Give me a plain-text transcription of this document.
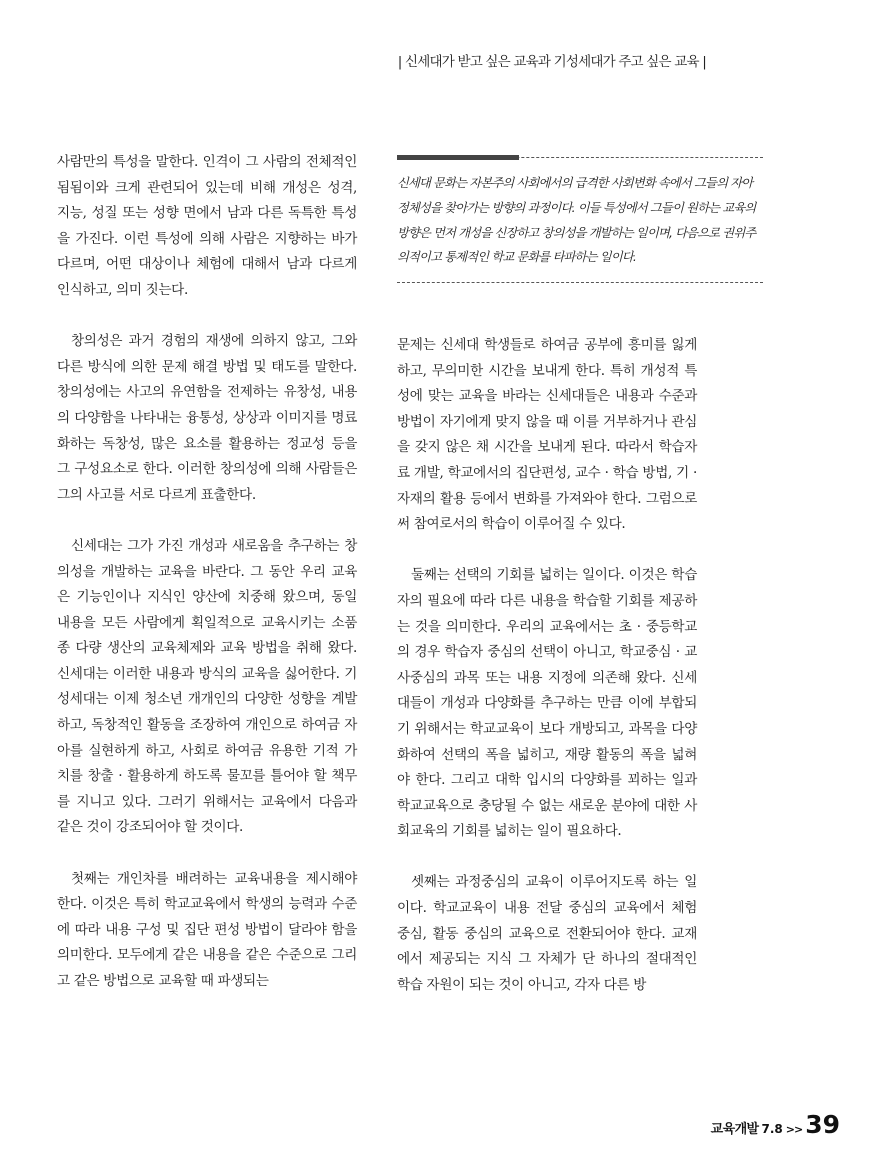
| 신세대가 받고 싶은 교육과 기성세대가 주고 싶은 교육 |

사람만의 특성을 말한다. 인격이 그 사람의 전체적인 됨됨이와 크게 관련되어 있는데 비해 개성은 성격, 지능, 성질 또는 성향 면에서 남과 다른 독특한 특성을 가진다. 이런 특성에 의해 사람은 지향하는 바가 다르며, 어떤 대상이나 체험에 대해서 남과 다르게 인식하고, 의미 짓는다.

창의성은 과거 경험의 재생에 의하지 않고, 그와 다른 방식에 의한 문제 해결 방법 및 태도를 말한다. 창의성에는 사고의 유연함을 전제하는 유창성, 내용의 다양함을 나타내는 융통성, 상상과 이미지를 명료화하는 독창성, 많은 요소를 활용하는 정교성 등을 그 구성요소로 한다. 이러한 창의성에 의해 사람들은 그의 사고를 서로 다르게 표출한다.

신세대는 그가 가진 개성과 새로움을 추구하는 창의성을 개발하는 교육을 바란다. 그 동안 우리 교육은 기능인이나 지식인 양산에 치중해 왔으며, 동일 내용을 모든 사람에게 획일적으로 교육시키는 소품종 다량 생산의 교육체제와 교육 방법을 취해 왔다. 신세대는 이러한 내용과 방식의 교육을 싫어한다. 기성세대는 이제 청소년 개개인의 다양한 성향을 계발하고, 독창적인 활동을 조장하여 개인으로 하여금 자아를 실현하게 하고, 사회로 하여금 유용한 기적 가치를 창출 · 활용하게 하도록 물꼬를 틀어야 할 책무를 지니고 있다. 그러기 위해서는 교육에서 다음과 같은 것이 강조되어야 할 것이다.

첫째는 개인차를 배려하는 교육내용을 제시해야 한다. 이것은 특히 학교교육에서 학생의 능력과 수준에 따라 내용 구성 및 집단 편성 방법이 달라야 함을 의미한다. 모두에게 같은 내용을 같은 수준으로 그리고 같은 방법으로 교육할 때 파생되는

신세대 문화는 자본주의 사회에서의 급격한 사회변화 속에서 그들의 자아정체성을 찾아가는 방향의 과정이다. 이들 특성에서 그들이 원하는 교육의 방향은 먼저 개성을 신장하고 창의성을 개발하는 일이며, 다음으로 권위주의적이고 통제적인 학교 문화를 타파하는 일이다.

문제는 신세대 학생들로 하여금 공부에 흥미를 잃게 하고, 무의미한 시간을 보내게 한다. 특히 개성적 특성에 맞는 교육을 바라는 신세대들은 내용과 수준과 방법이 자기에게 맞지 않을 때 이를 거부하거나 관심을 갖지 않은 채 시간을 보내게 된다. 따라서 학습자료 개발, 학교에서의 집단편성, 교수 · 학습 방법, 기 · 자재의 활용 등에서 변화를 가져와야 한다. 그럼으로써 참여로서의 학습이 이루어질 수 있다.

둘째는 선택의 기회를 넓히는 일이다. 이것은 학습자의 필요에 따라 다른 내용을 학습할 기회를 제공하는 것을 의미한다. 우리의 교육에서는 초 · 중등학교의 경우 학습자 중심의 선택이 아니고, 학교중심 · 교사중심의 과목 또는 내용 지정에 의존해 왔다. 신세대들이 개성과 다양화를 추구하는 만큼 이에 부합되기 위해서는 학교교육이 보다 개방되고, 과목을 다양화하여 선택의 폭을 넓히고, 재량 활동의 폭을 넓혀야 한다. 그리고 대학 입시의 다양화를 꾀하는 일과 학교교육으로 충당될 수 없는 새로운 분야에 대한 사회교육의 기회를 넓히는 일이 필요하다.

셋째는 과정중심의 교육이 이루어지도록 하는 일이다. 학교교육이 내용 전달 중심의 교육에서 체험 중심, 활동 중심의 교육으로 전환되어야 한다. 교재에서 제공되는 지식 그 자체가 단 하나의 절대적인 학습 자원이 되는 것이 아니고, 각자 다른 방

교육개발 7.8 >> 39
